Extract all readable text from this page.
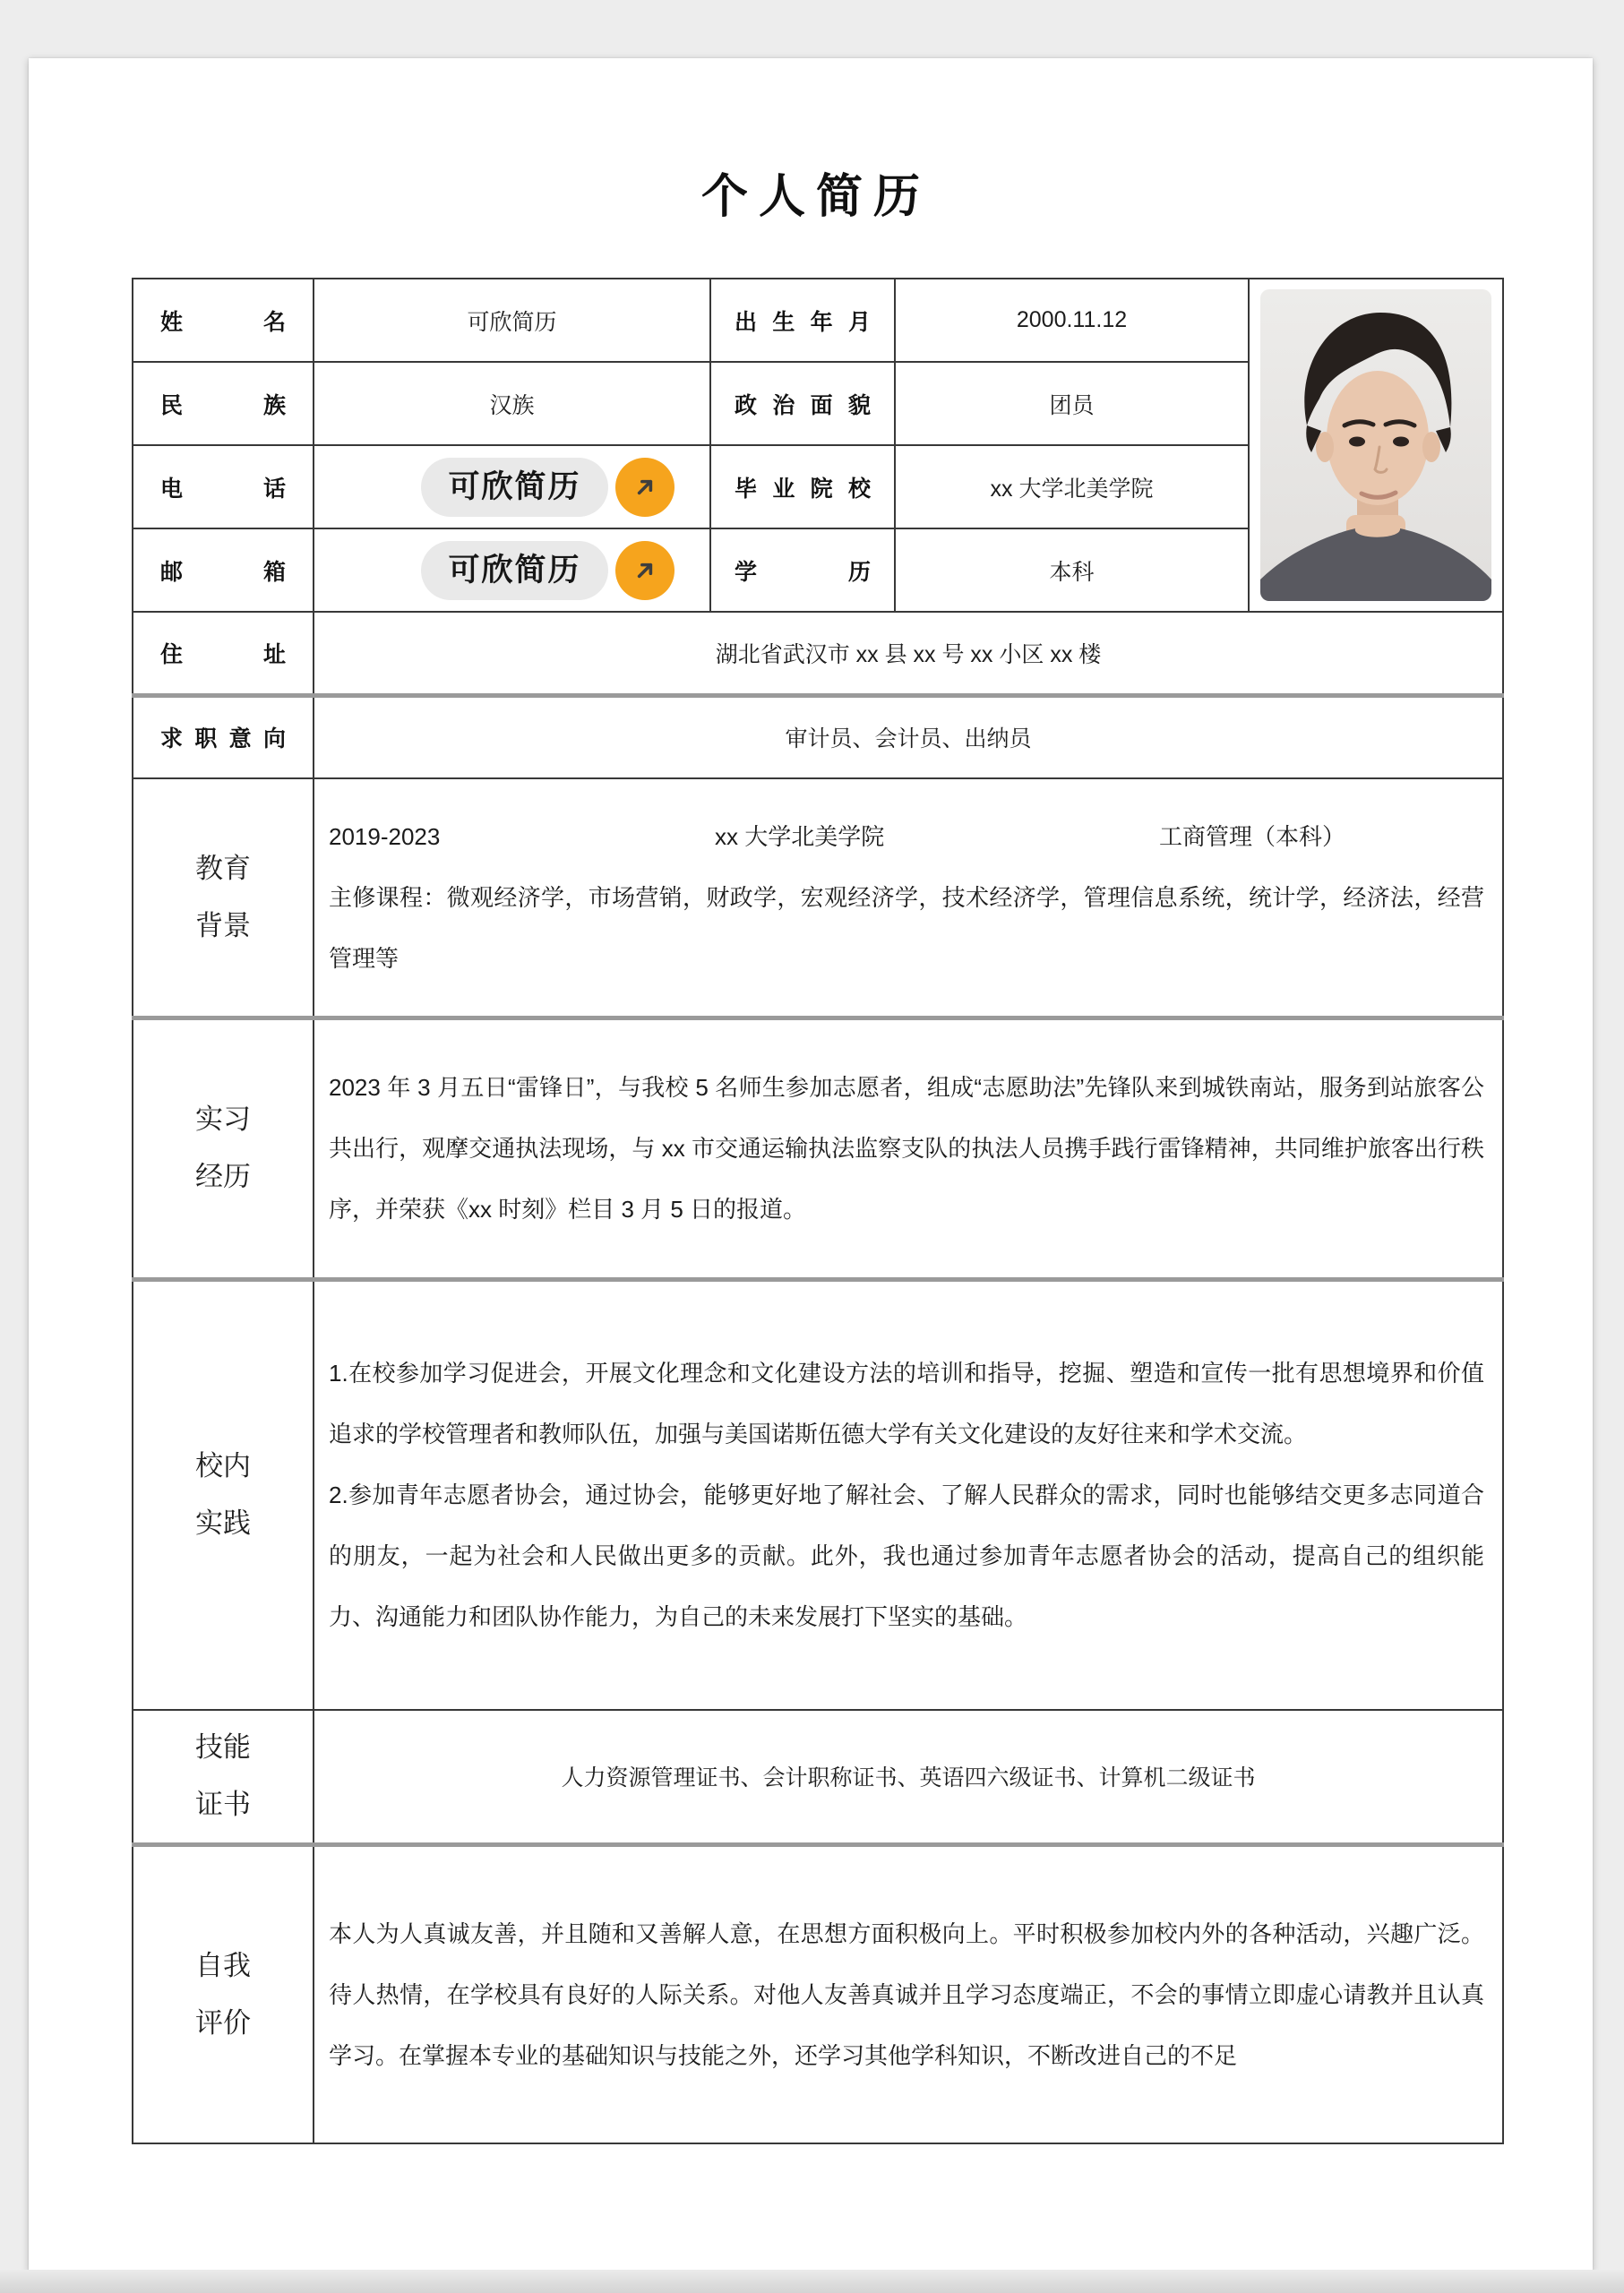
个人简历
姓名	可欣简历	出生年月	2000.11.12	

民族	汉族	政治面貌	团员	

电话	可欣简历	毕业院校	xx 大学北美学院	

邮箱	可欣简历	学历	本科	

住址	湖北省武汉市 xx 县 xx 号 xx 小区 xx 楼			

求职意向	审计员、会计员、出纳员			

教育
背景

2019-2023	xx 大学北美学院	工商管理（本科）

主修课程：微观经济学，市场营销，财政学，宏观经济学，技术经济学，管理信息系统，统计学，经济法，经营管理等

实习
经历	2023 年 3 月五日“雷锋日”，与我校 5 名师生参加志愿者，组成“志愿助法”先锋队来到城铁南站，服务到站旅客公共出行，观摩交通执法现场，与 xx 市交通运输执法监察支队的执法人员携手践行雷锋精神，共同维护旅客出行秩序，并荣获《xx 时刻》栏目 3 月 5 日的报道。			

校内
实践

1.在校参加学习促进会，开展文化理念和文化建设方法的培训和指导，挖掘、塑造和宣传一批有思想境界和价值追求的学校管理者和教师队伍，加强与美国诺斯伍德大学有关文化建设的友好往来和学术交流。

2.参加青年志愿者协会，通过协会，能够更好地了解社会、了解人民群众的需求，同时也能够结交更多志同道合的朋友，一起为社会和人民做出更多的贡献。此外，我也通过参加青年志愿者协会的活动，提高自己的组织能力、沟通能力和团队协作能力，为自己的未来发展打下坚实的基础。

技能
证书	人力资源管理证书、会计职称证书、英语四六级证书、计算机二级证书			

自我
评价	本人为人真诚友善，并且随和又善解人意，在思想方面积极向上。平时积极参加校内外的各种活动，兴趣广泛。待人热情，在学校具有良好的人际关系。对他人友善真诚并且学习态度端正，不会的事情立即虚心请教并且认真学习。在掌握本专业的基础知识与技能之外，还学习其他学科知识，不断改进自己的不足			
